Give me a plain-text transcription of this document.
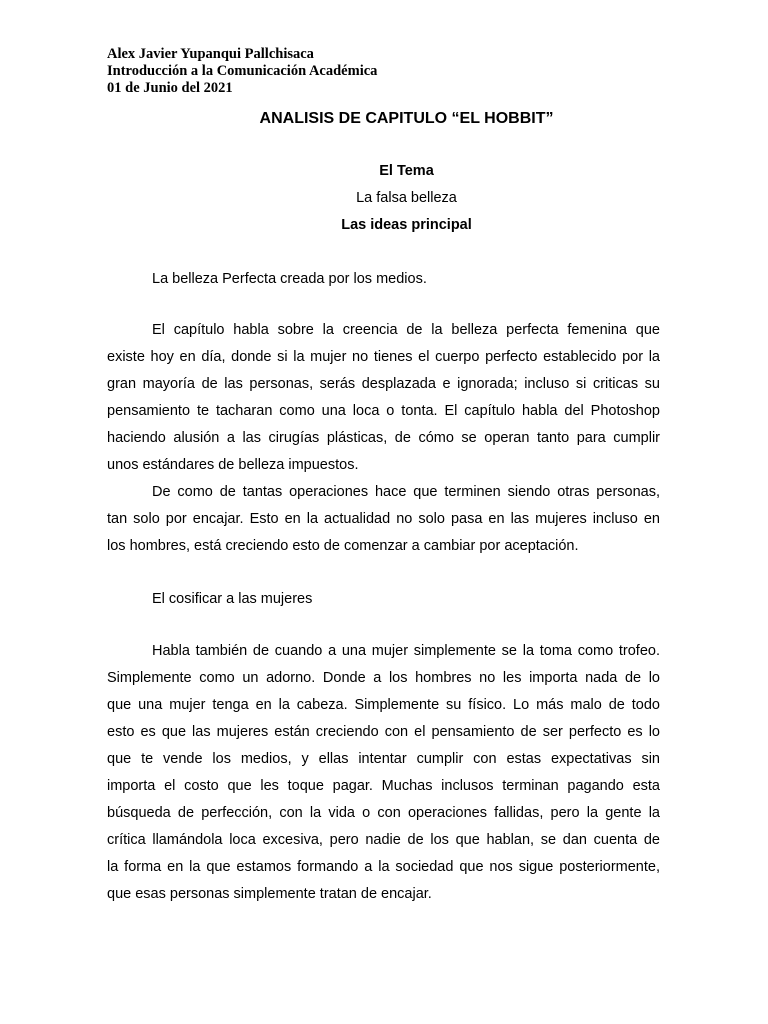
Alex Javier Yupanqui Pallchisaca
Introducción a la Comunicación Académica
01 de Junio del 2021
ANALISIS DE CAPITULO “EL HOBBIT”
El Tema
La falsa belleza
Las ideas principal
La belleza Perfecta creada por los medios.
El capítulo habla sobre la creencia de la belleza perfecta femenina que
existe hoy en día, donde si la mujer no tienes el cuerpo perfecto establecido por la
gran mayoría de las personas, serás desplazada e ignorada; incluso si criticas su
pensamiento te tacharan como una loca o tonta. El capítulo habla del Photoshop
haciendo alusión a las cirugías plásticas, de cómo se operan tanto para cumplir
unos estándares de belleza impuestos.
De como de tantas operaciones hace que terminen siendo otras personas,
tan solo por encajar. Esto en la actualidad no solo pasa en las mujeres incluso en
los hombres, está creciendo esto de comenzar a cambiar por aceptación.
El cosificar a las mujeres
Habla también de cuando a una mujer simplemente se la toma como trofeo.
Simplemente como un adorno. Donde a los hombres no les importa nada de lo
que una mujer tenga en la cabeza. Simplemente su físico. Lo más malo de todo
esto es que las mujeres están creciendo con el pensamiento de ser perfecto es lo
que te vende los medios, y ellas intentar cumplir con estas expectativas sin
importa el costo que les toque pagar. Muchas inclusos terminan pagando esta
búsqueda de perfección, con la vida o con operaciones fallidas, pero la gente la
crítica llamándola loca excesiva, pero nadie de los que hablan, se dan cuenta de
la forma en la que estamos formando a la sociedad que nos sigue posteriormente,
que esas personas simplemente tratan de encajar.
